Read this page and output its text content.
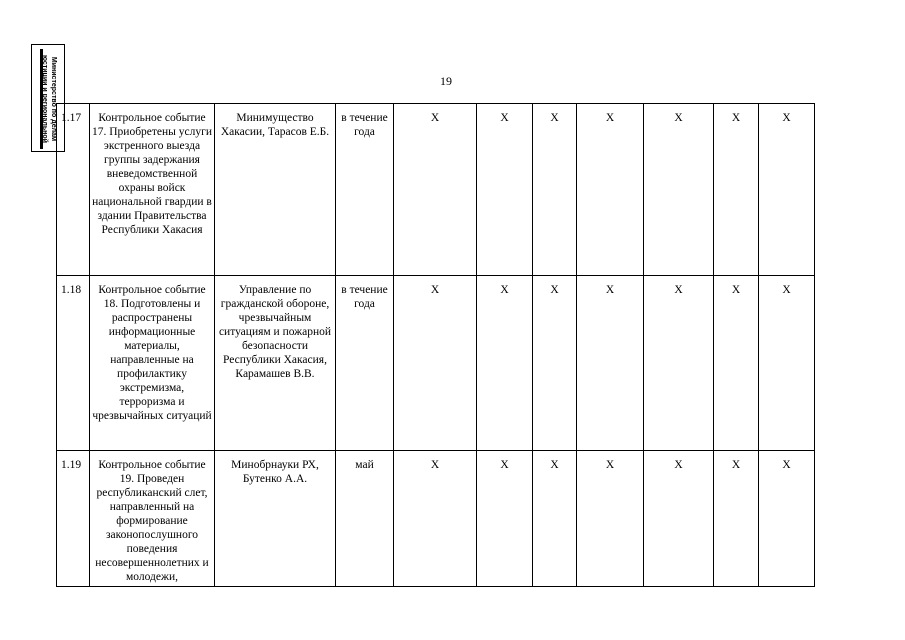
19
Министерство по делам
юстиции и региональной 1.17	Контрольное событие 17. Приобретены услуги экстренного выезда группы задержания вневедомственной охраны войск национальной гвардии в здании Правительства Республики Хакасия	Минимущество Хакасии, Тарасов Е.Б.	в течение года	X	X	X	X	X	X	X
1.18	Контрольное событие 18. Подготовлены и распространены информационные материалы, направленные на профилактику экстремизма, терроризма и чрезвычайных ситуаций	Управление по гражданской обороне, чрезвычайным ситуациям и пожарной безопасности Республики Хакасия, Карамашев В.В.	в течение года	X	X	X	X	X	X	X
1.19	Контрольное событие 19. Проведен республиканский слет, направленный на формирование законопослушного поведения несовершеннолетних и молодежи,	Минобрнауки РХ, Бутенко А.А.	май	X	X	X	X	X	X	X
